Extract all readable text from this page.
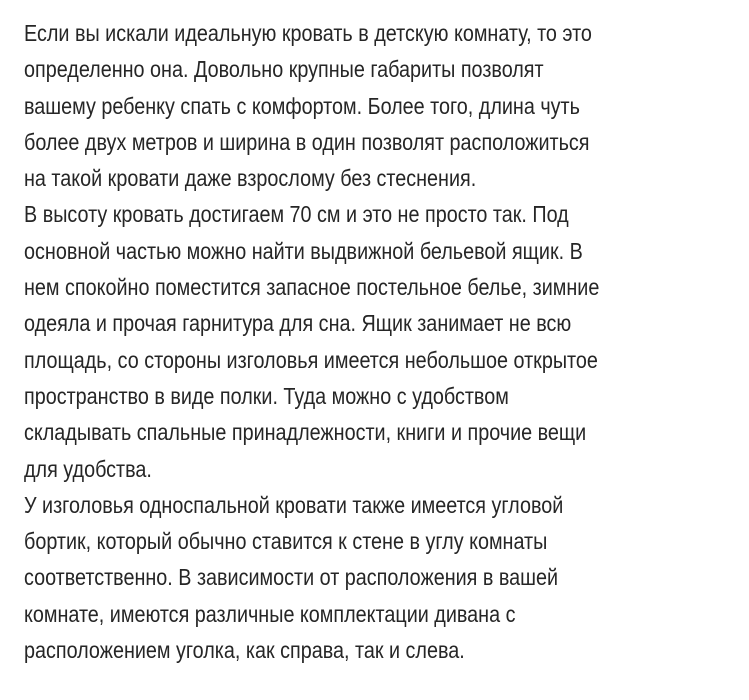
Если вы искали идеальную кровать в детскую комнату, то это
определенно она. Довольно крупные габариты позволят
вашему ребенку спать с комфортом. Более того, длина чуть
более двух метров и ширина в один позволят расположиться
на такой кровати даже взрослому без стеснения.
В высоту кровать достигаем 70 см и это не просто так. Под
основной частью можно найти выдвижной бельевой ящик. В
нем спокойно поместится запасное постельное белье, зимние
одеяла и прочая гарнитура для сна. Ящик занимает не всю
площадь, со стороны изголовья имеется небольшое открытое
пространство в виде полки. Туда можно с удобством
складывать спальные принадлежности, книги и прочие вещи
для удобства.
У изголовья односпальной кровати также имеется угловой
бортик, который обычно ставится к стене в углу комнаты
соответственно. В зависимости от расположения в вашей
комнате, имеются различные комплектации дивана с
расположением уголка, как справа, так и слева.
